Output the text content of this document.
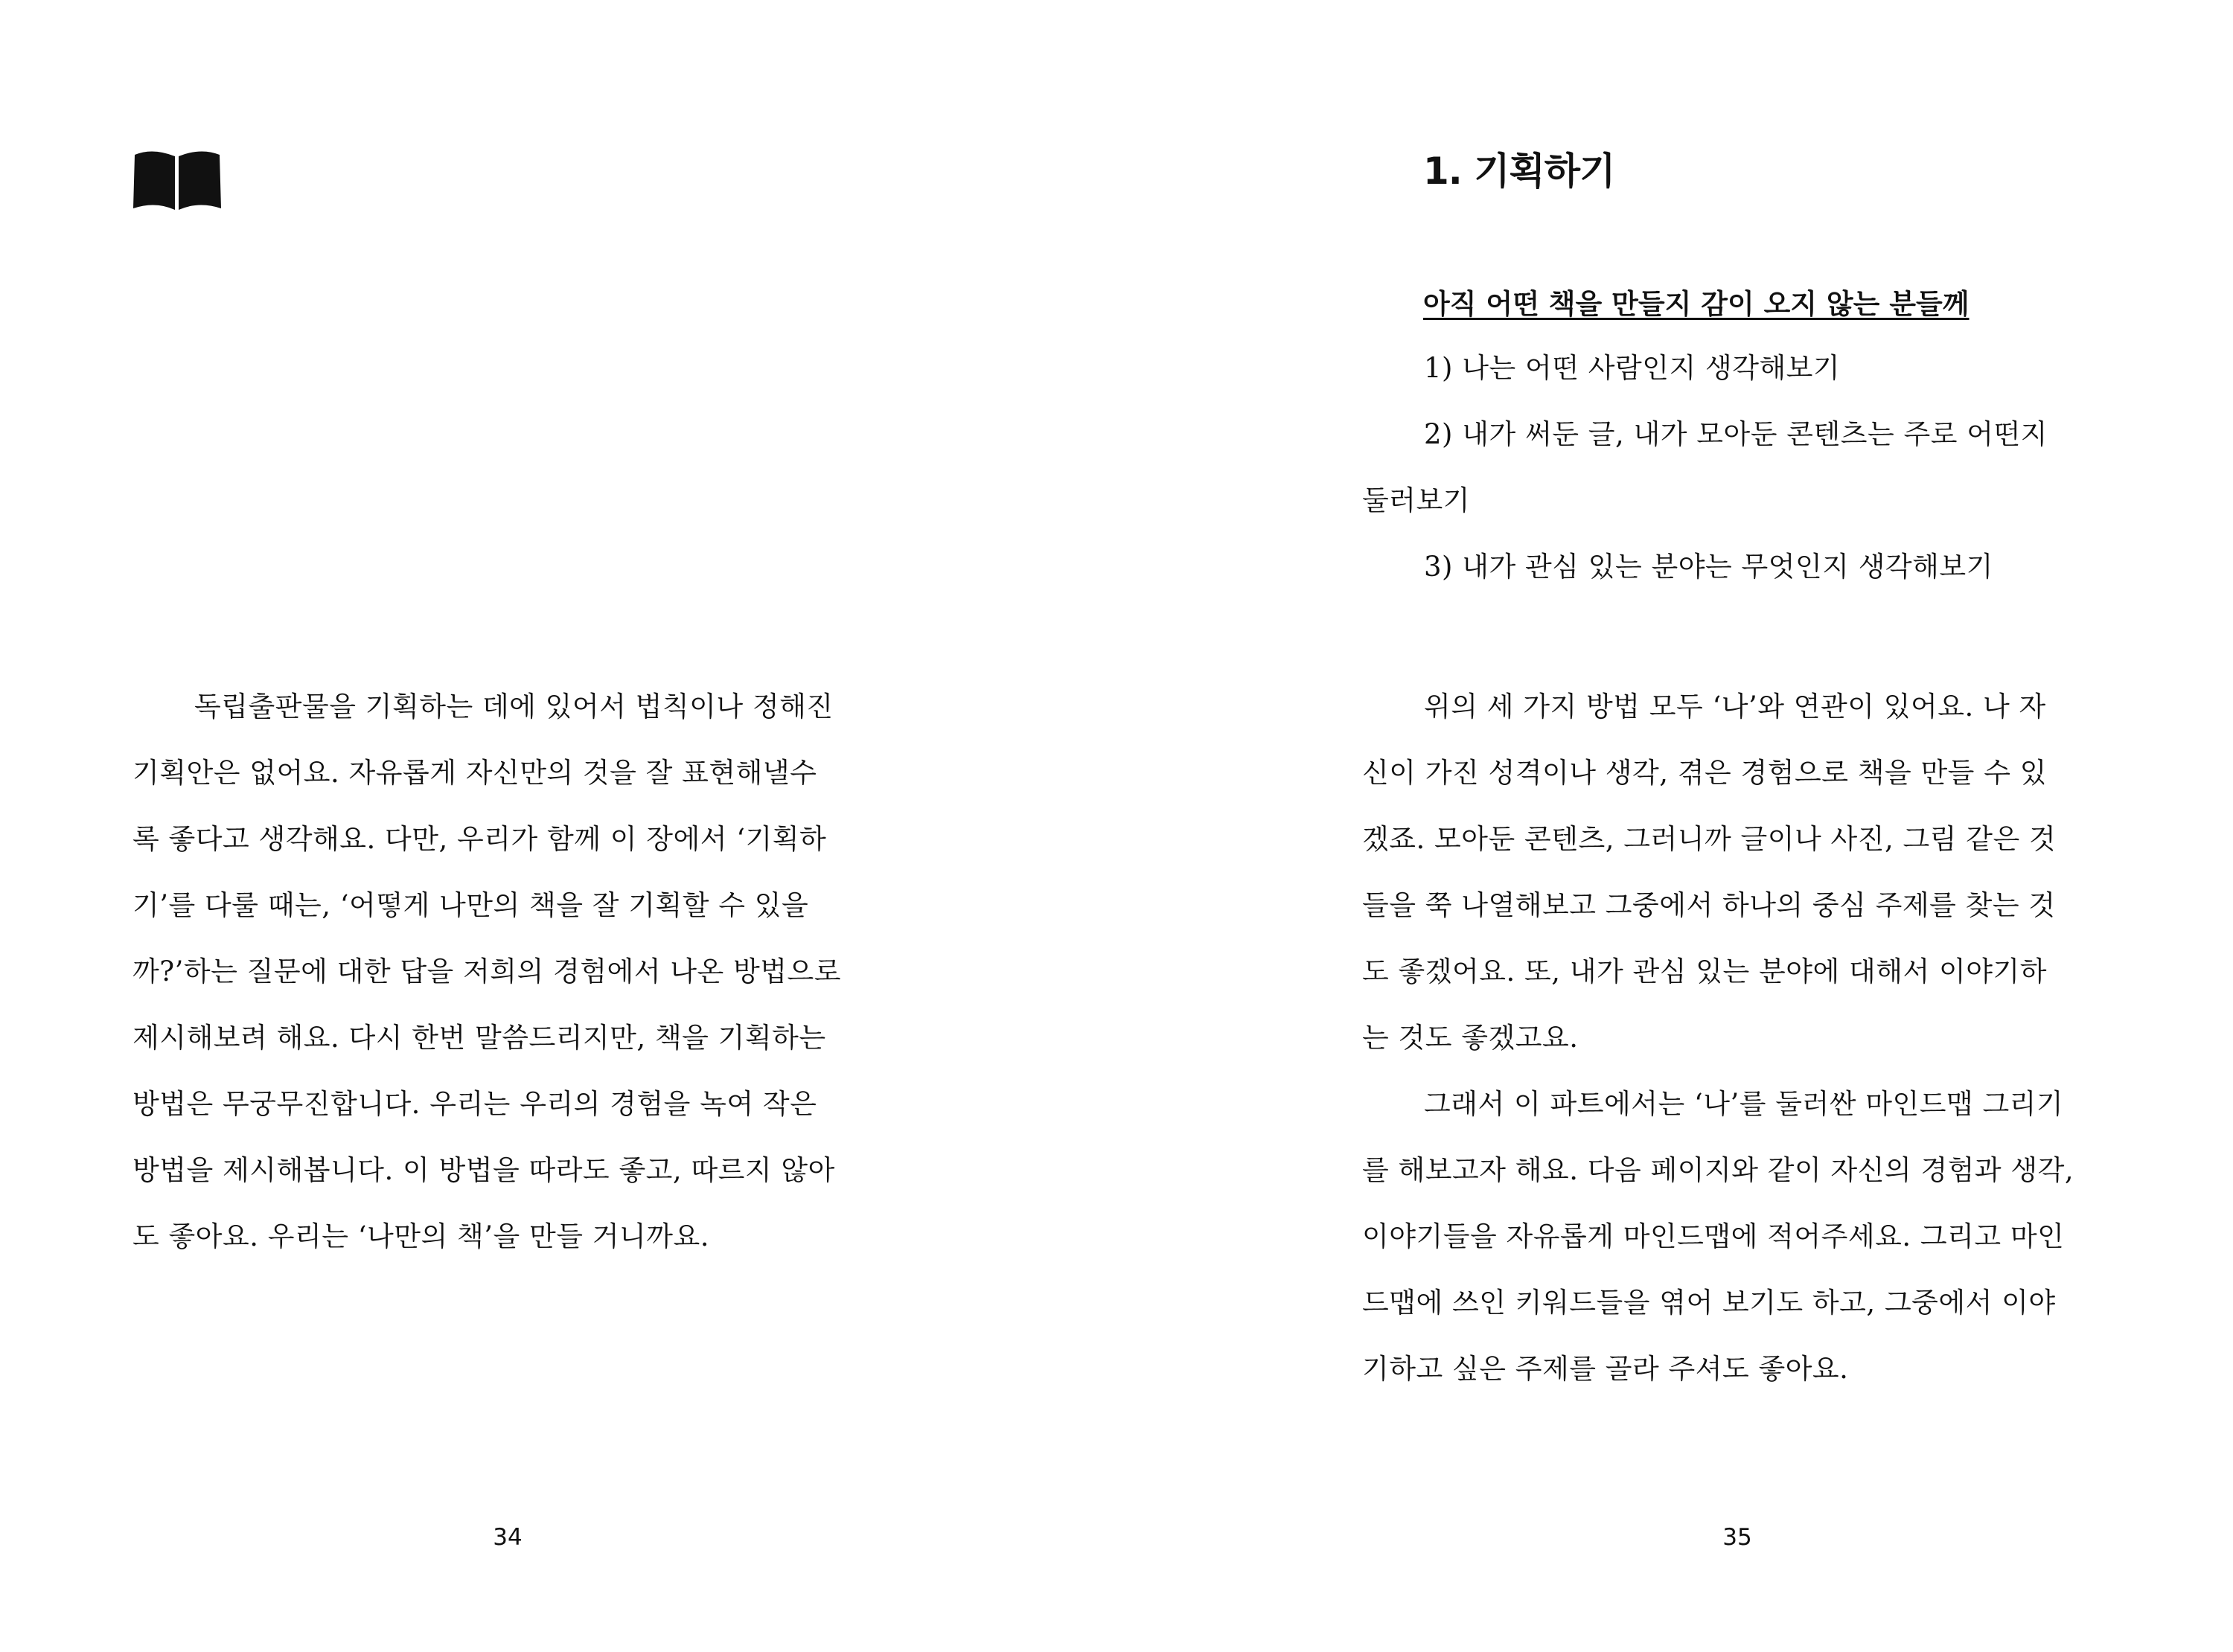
독립출판물을 기획하는 데에 있어서 법칙이나 정해진

기획안은 없어요. 자유롭게 자신만의 것을 잘 표현해낼수

록 좋다고 생각해요. 다만, 우리가 함께 이 장에서 ‘기획하

기’를 다룰 때는, ‘어떻게 나만의 책을 잘 기획할 수 있을

까?’하는 질문에 대한 답을 저희의 경험에서 나온 방법으로

제시해보려 해요. 다시 한번 말씀드리지만, 책을 기획하는

방법은 무궁무진합니다. 우리는 우리의 경험을 녹여 작은

방법을 제시해봅니다. 이 방법을 따라도 좋고, 따르지 않아

도 좋아요. 우리는 ‘나만의 책’을 만들 거니까요.

34

1. 기획하기

아직 어떤 책을 만들지 감이 오지 않는 분들께

1) 나는 어떤 사람인지 생각해보기

2) 내가 써둔 글, 내가 모아둔 콘텐츠는 주로 어떤지

둘러보기

3) 내가 관심 있는 분야는 무엇인지 생각해보기

위의 세 가지 방법 모두 ‘나’와 연관이 있어요. 나 자

신이 가진 성격이나 생각, 겪은 경험으로 책을 만들 수 있

겠죠. 모아둔 콘텐츠, 그러니까 글이나 사진, 그림 같은 것

들을 쭉 나열해보고 그중에서 하나의 중심 주제를 찾는 것

도 좋겠어요. 또, 내가 관심 있는 분야에 대해서 이야기하

는 것도 좋겠고요.

그래서 이 파트에서는 ‘나’를 둘러싼 마인드맵 그리기

를 해보고자 해요. 다음 페이지와 같이 자신의 경험과 생각,

이야기들을 자유롭게 마인드맵에 적어주세요. 그리고 마인

드맵에 쓰인 키워드들을 엮어 보기도 하고, 그중에서 이야

기하고 싶은 주제를 골라 주셔도 좋아요.

35
